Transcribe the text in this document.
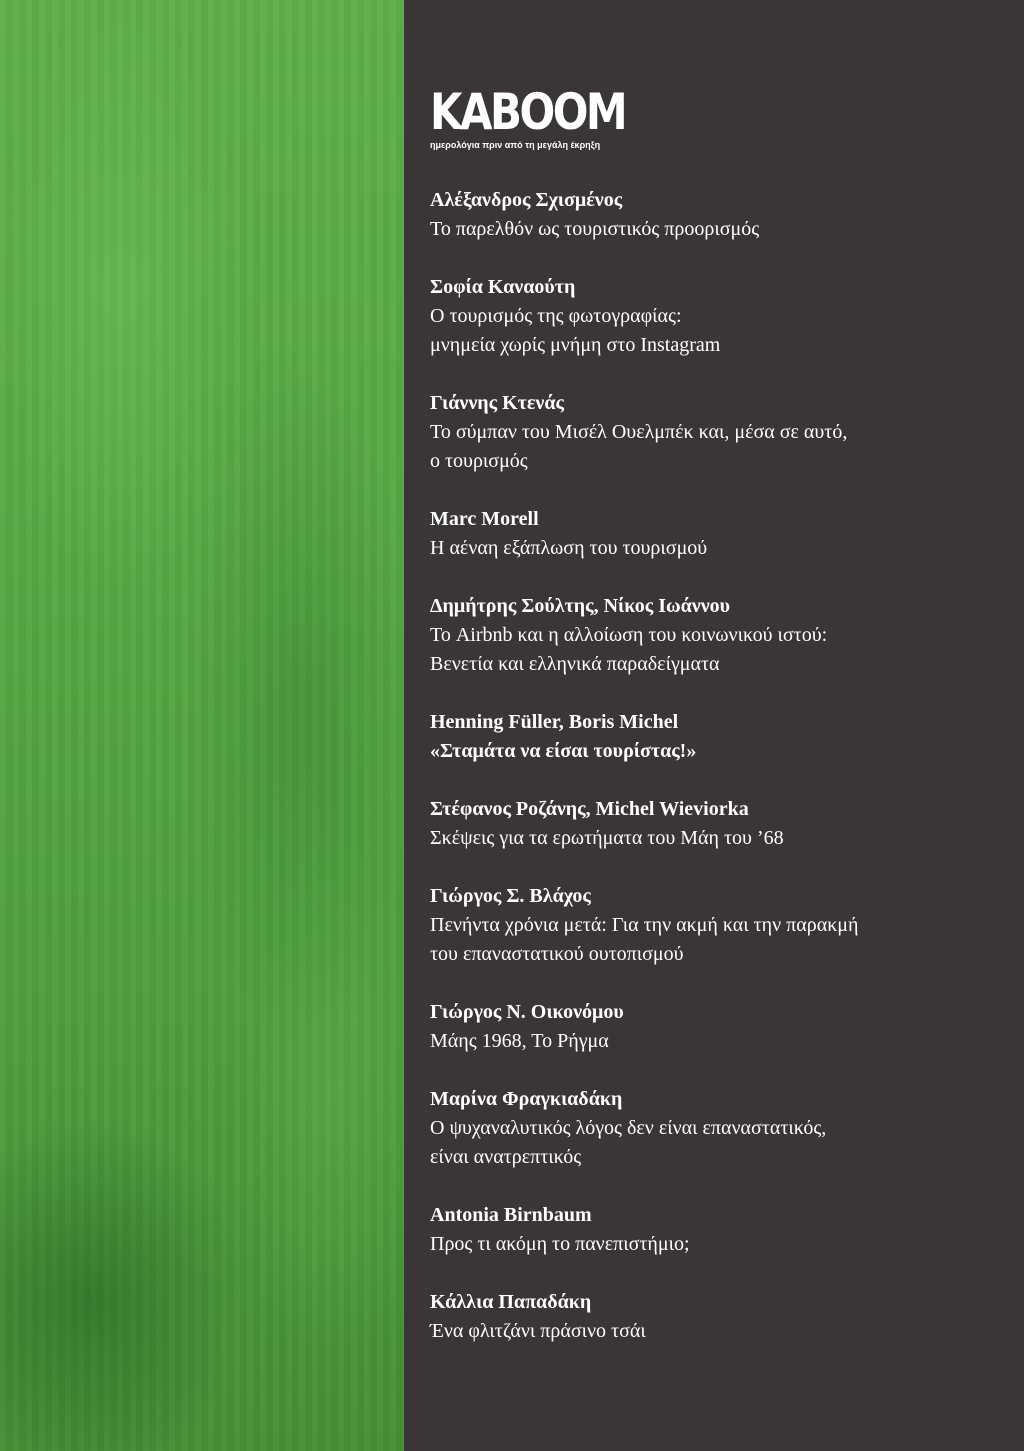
KABOOM
ημερολόγια πριν από τη μεγάλη έκρηξη
Αλέξανδρος Σχισμένος
Το παρελθόν ως τουριστικός προορισμός
Σοφία Καναούτη
Ο τουρισμός της φωτογραφίας:
μνημεία χωρίς μνήμη στο Instagram
Γιάννης Κτενάς
Το σύμπαν του Μισέλ Ουελμπέκ και, μέσα σε αυτό,
ο τουρισμός
Marc Morell
Η αέναη εξάπλωση του τουρισμού
Δημήτρης Σούλτης, Νίκος Ιωάννου
Το Airbnb και η αλλοίωση του κοινωνικού ιστού:
Βενετία και ελληνικά παραδείγματα
Henning Füller, Boris Michel
«Σταμάτα να είσαι τουρίστας!»
Στέφανος Ροζάνης, Michel Wieviorka
Σκέψεις για τα ερωτήματα του Μάη του ’68
Γιώργος Σ. Βλάχος
Πενήντα χρόνια μετά: Για την ακμή και την παρακμή
του επαναστατικού ουτοπισμού
Γιώργος Ν. Οικονόμου
Μάης 1968, Το Ρήγμα
Μαρίνα Φραγκιαδάκη
Ο ψυχαναλυτικός λόγος δεν είναι επαναστατικός,
είναι ανατρεπτικός
Antonia Birnbaum
Προς τι ακόμη το πανεπιστήμιο;
Κάλλια Παπαδάκη
Ένα φλιτζάνι πράσινο τσάι
